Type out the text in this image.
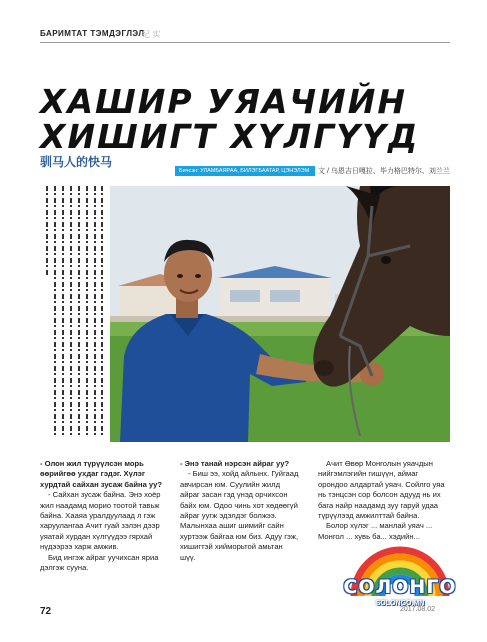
БАРИМТАТ ТЭМДЭГЛЭЛ
纪 实
ХАШИР УЯАЧИЙН
ХИШИГТ ХҮЛГҮҮД
驯马人的快马
Бичсэн: УЛАМБАЯРАА, БИЛЭГБААТАР, ЦЭНЭЛЭМ 文 / 乌恩吉日嘎拉、毕力格巴特尔、刘兰兰

- Олон жил түрүүлсэн морь өөрийгөө ухдаг гэдэг. Хүлэг хурдтай сайхан зусаж байна уу?

- Сайхан зусаж байна. Энэ хоёр жил наадамд морио тоотой тавьж байна. Хааяа уралдуулаад л гэж харуулангаа Ачит гуай зэлэн дээр уяатай хурдан хүлгүүдээ гярхай нүдээрээ харж амжив.

Бид ингэж айраг уучихсан яриа дэлгэж сууна.

- Энэ танай нэрсэн айраг уу?

- Биш ээ, хойд айлынх. Гуйгаад авчирсан юм. Суулийн жилд айраг засан гэд үнэд орчихсон байх юм. Одоо чинь хот хөдөөгүй айраг уугж эдэлдэг болжээ. Малынхаа ашиг шимийг сайн хуртээж байгаа юм биз. Адуу гэж, хишигтэй хийморьтой амьтан шүү.

Ачит Өвөр Монголын уяачдын нийгэмлэгийн гишүүн, аймаг орондоо алдартай уяач. Сойлго уяа нь тэнцсэн сор болсон адууд нь их бага найр наадамд зуу гаруй удаа түрүүлээд амжилттай байна.

Болор хүлэг ... манлай уяач ... Монгол ... хувь ба... хэдийн...

72
СОЛОНГО
SOLONGO.MN
2017.08.02
